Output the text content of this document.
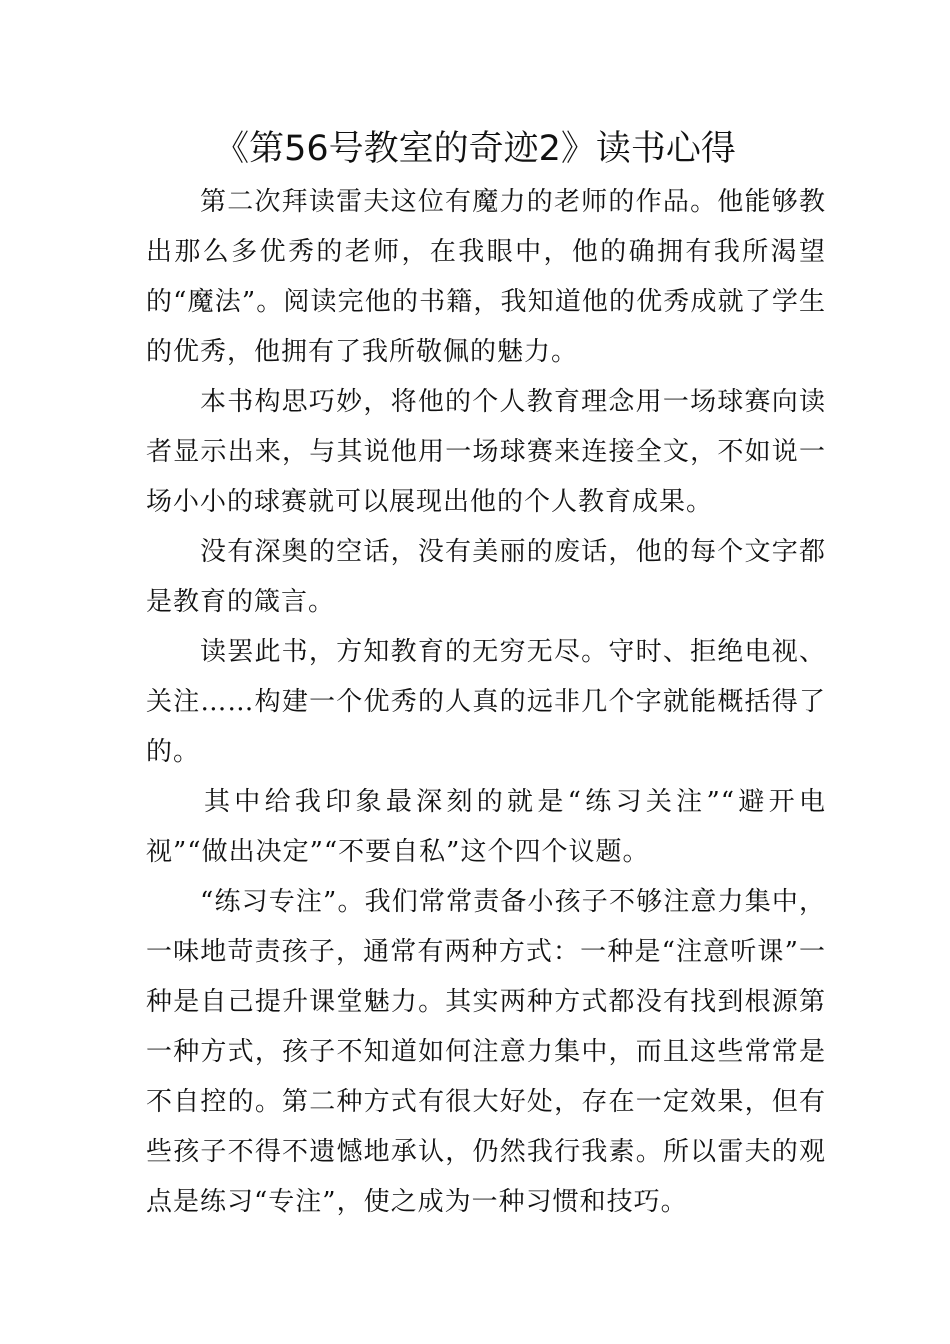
《第56号教室的奇迹2》读书心得

第二次拜读雷夫这位有魔力的老师的作品。他能够教出那么多优秀的老师，在我眼中，他的确拥有我所渴望的“魔法”。阅读完他的书籍，我知道他的优秀成就了学生的优秀，他拥有了我所敬佩的魅力。

本书构思巧妙，将他的个人教育理念用一场球赛向读者显示出来，与其说他用一场球赛来连接全文，不如说一场小小的球赛就可以展现出他的个人教育成果。

没有深奥的空话，没有美丽的废话，他的每个文字都是教育的箴言。

读罢此书，方知教育的无穷无尽。守时、拒绝电视、关注……构建一个优秀的人真的远非几个字就能概括得了的。

其中给我印象最深刻的就是“练习关注”“避开电视”“做出决定”“不要自私”这个四个议题。

“练习专注”。我们常常责备小孩子不够注意力集中，一味地苛责孩子，通常有两种方式：一种是“注意听课”一种是自己提升课堂魅力。其实两种方式都没有找到根源第一种方式，孩子不知道如何注意力集中，而且这些常常是不自控的。第二种方式有很大好处，存在一定效果，但有些孩子不得不遗憾地承认，仍然我行我素。所以雷夫的观点是练习“专注”，使之成为一种习惯和技巧。
